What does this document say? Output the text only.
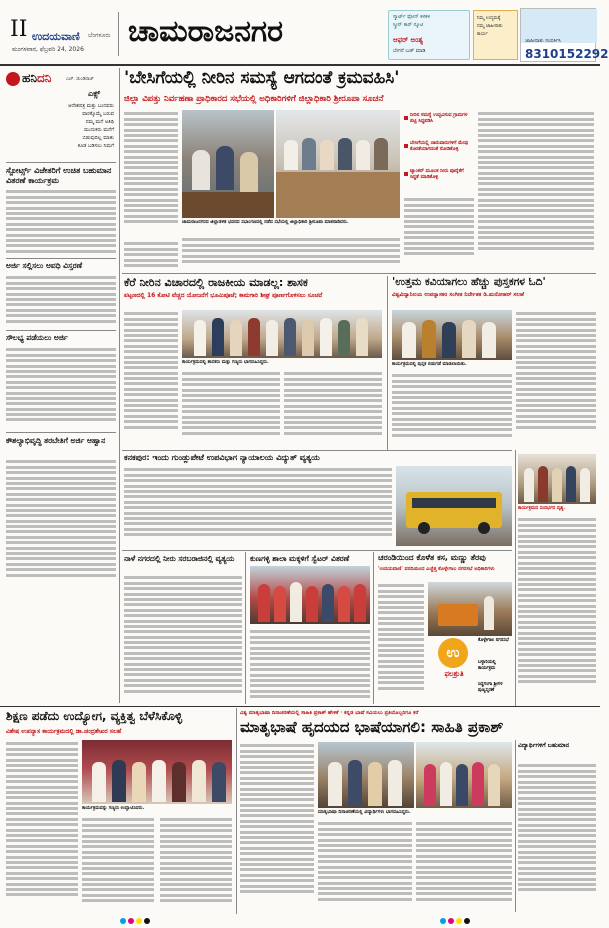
II ಉದಯವಾಣಿ ಬೆಂಗಳೂರು
ಮಂಗಳವಾರ, ಫೆಬ್ರವರಿ 24, 2026
ಚಾಮರಾಜನಗರ	ಸ್ಮಾರ್ಟ್ ಫೋನ್ ಕಳಕಳಿ
ಸ್ಕ್ರೀನ್ ಕಾರ್ ಸ್ಕೂಟಿ
ಆಫರ್ ಅಂತ್ಯ
ಬೇಗನೆ ಬುಕ್ ಮಾಡಿ
ನಿಮ್ಮ ಉದ್ಯಮಕ್ಕೆ
ನಮ್ಮ ಜಾಹೀರಾತು
ಕಾರ್ಯ
ಜಾಹೀರಾತು ಸಂಪರ್ಕಿಸಿ
8310152292
ಹನಿದನಿ	ಎಚ್. ಡುಂಡಿರಾಜ್
ಎಕ್ಸ್
ಆದೇಶಪತ್ರ ಮತ್ತು ಬಂದವರು
ವಾರಕ್ಕೊಮ್ಮೆ ಬರುವ
ನಮ್ಮ ಮನೆ ಅತಿಥಿ
ಮುದುಕರು ಮನೆಗೆ
ಬಿಡುವುದಿಲ್ಲ ಮಾತು
ಕೂಡ ಬಡಿಸಲು ನಿಮಗೆ
ಸ್ಪೋರ್ಟ್ಸ್ ವಿಜೇತರಿಗೆ ಉಚಿತ ಬಹುಮಾನ ವಿತರಣೆ ಕಾರ್ಯಕ್ರಮ
ಅರ್ಜಿ ಸಲ್ಲಿಸಲು ಅವಧಿ ವಿಸ್ತರಣೆ
ಸೌಲಭ್ಯ ಪಡೆಯಲು ಅರ್ಜಿ
ಕೌಶಲ್ಯಾಭಿವೃದ್ಧಿ ತರಬೇತಿಗೆ ಅರ್ಜಿ ಆಹ್ವಾನ
'ಬೇಸಿಗೆಯಲ್ಲಿ ನೀರಿನ ಸಮಸ್ಯೆ ಆಗದಂತೆ ಕ್ರಮವಹಿಸಿ'
ಜಿಲ್ಲಾ ವಿಪತ್ತು ನಿರ್ವಹಣಾ ಪ್ರಾಧಿಕಾರದ ಸಭೆಯಲ್ಲಿ ಅಧಿಕಾರಿಗಳಿಗೆ ಜಿಲ್ಲಾಧಿಕಾರಿ ಶ್ರೀರೂಪಾ ಸೂಚನೆ
ಚಾಮರಾಜನಗರದ ಜಿಲ್ಲಾಡಳಿತ ಭವನದ ಸಭಾಂಗಣದಲ್ಲಿ ನಡೆದ ಸಭೆಯಲ್ಲಿ ಜಿಲ್ಲಾಧಿಕಾರಿ ಶ್ರೀರೂಪಾ ಮಾತನಾಡಿದರು.
ನೀರಿನ ಸಮಸ್ಯೆ ಉದ್ಭವಿಸುವ ಗ್ರಾಮಗಳ ಪಟ್ಟಿ ಸಿದ್ಧಪಡಿಸಿ
ಬೇಸಿಗೆಯಲ್ಲಿ ಜಾನುವಾರುಗಳಿಗೆ ಮೇವು ಕೊರತೆಯಾಗದಂತೆ ನೋಡಿಕೊಳ್ಳಿ
ಟ್ಯಾಂಕರ್ ಮೂಲಕ ನೀರು ಪೂರೈಕೆಗೆ ಸಿದ್ಧತೆ ಮಾಡಿಕೊಳ್ಳಿ
ಕೆರೆ ನೀರಿನ ವಿಚಾರದಲ್ಲಿ ರಾಜಕೀಯ ಮಾಡಲ್ಲ: ಶಾಸಕ
ಪಟ್ಟಣದಲ್ಲಿ 16 ಕೋಟಿ ವೆಚ್ಚದ ಯೋಜನೆಗೆ ಭೂಮಿಪೂಜೆ; ಕಾಮಗಾರಿ ಶೀಘ್ರ ಪೂರ್ಣಗೊಳಿಸಲು ಸೂಚನೆ
ಕಾರ್ಯಕ್ರಮದಲ್ಲಿ ಶಾಸಕರು ಮತ್ತು ಗಣ್ಯರು ಭಾಗವಹಿಸಿದ್ದರು.
'ಉತ್ತಮ ಕವಿಯಾಗಲು ಹೆಚ್ಚು ಪುಸ್ತಕಗಳ ಓದಿ'
ವಿಶ್ವವಿದ್ಯಾನಿಲಯ ಉಪನ್ಯಾಸಕರ ಸಂಗೀತ ನಿರ್ದೇಶಕ ಡಿ.ಮನೋಹರ್ ಸಲಹೆ
ಕಾರ್ಯಕ್ರಮದಲ್ಲಿ ಪುಸ್ತಕ ಬಿಡುಗಡೆ ಮಾಡಲಾಯಿತು.
ಕನಕಪುರ: ಇಂದು ಗುಂಡ್ಲುಪೇಟೆ ಉಪವಿಭಾಗ ನ್ಯಾಯಾಲಯ ವಿದ್ಯುತ್ ವ್ಯತ್ಯಯ
ಕಾರ್ಯಕ್ರಮದ ಸಂದರ್ಭದ ದೃಶ್ಯ.
ನಾಳೆ ನಗರದಲ್ಲಿ ನೀರು ಸರಬರಾಜಿನಲ್ಲಿ ವ್ಯತ್ಯಯ	ಕುಣಗಳ್ಳಿ ಶಾಲಾ ಮಕ್ಕಳಿಗೆ ಸ್ವೆಟರ್ ವಿತರಣೆ	ಚರಂಡಿಯಿಂದ ಕೊಳೆತ ಕಸ, ಮಣ್ಣು ತೆರವು
'ಉದಯವಾಣಿ' ವರದಿಯಿಂದ ಎಚ್ಚೆತ್ತ ಕೊಳ್ಳೇಗಾಲ ನಗರಸಭೆ ಅಧಿಕಾರಿಗಳು
ಉ
ಫಲಶ್ರುತಿ
ಕೊಳ್ಳೇಗಾಲ ನಗರಸಭೆ
ಬಳ್ಳಾರಿಯಲ್ಲಿ ಕಾರ್ಯಕ್ರಮ
ಸಿದ್ಧಗಂಗಾ ಶ್ರೀಗಳ ಪುಣ್ಯಸ್ಮರಣೆ
ಶಿಕ್ಷಣ ಪಡೆದು ಉದ್ಯೋಗ, ವ್ಯಕ್ತಿತ್ವ ಬೆಳೆಸಿಕೊಳ್ಳಿ
ವಿಶೇಷ ಉಪನ್ಯಾಸ ಕಾರ್ಯಕ್ರಮದಲ್ಲಿ ಡಾ.ಚಂದ್ರಶೇಖರ ಸಲಹೆ
ಕಾರ್ಯಕ್ರಮವನ್ನು ಗಣ್ಯರು ಉದ್ಘಾಟಿಸಿದರು.
ವಿಶ್ವ ಮಾತೃಭಾಷಾ ದಿನಾಚರಣೆಯಲ್ಲಿ ಸಾಹಿತಿ ಪ್ರಕಾಶ್ ಹೇಳಿಕೆ · ಕನ್ನಡ ಭಾಷೆ ಸವಿಯಲು ಪ್ರತಿಯೊಬ್ಬರಿಗೂ ಕರೆ
ಮಾತೃಭಾಷೆ ಹೃದಯದ ಭಾಷೆಯಾಗಲಿ: ಸಾಹಿತಿ ಪ್ರಕಾಶ್
ಮಾತೃಭಾಷಾ ದಿನಾಚರಣೆಯಲ್ಲಿ ವಿದ್ಯಾರ್ಥಿಗಳು ಭಾಗವಹಿಸಿದ್ದರು.
ವಿದ್ಯಾರ್ಥಿಗಳಿಗೆ ಬಹುಮಾನ
